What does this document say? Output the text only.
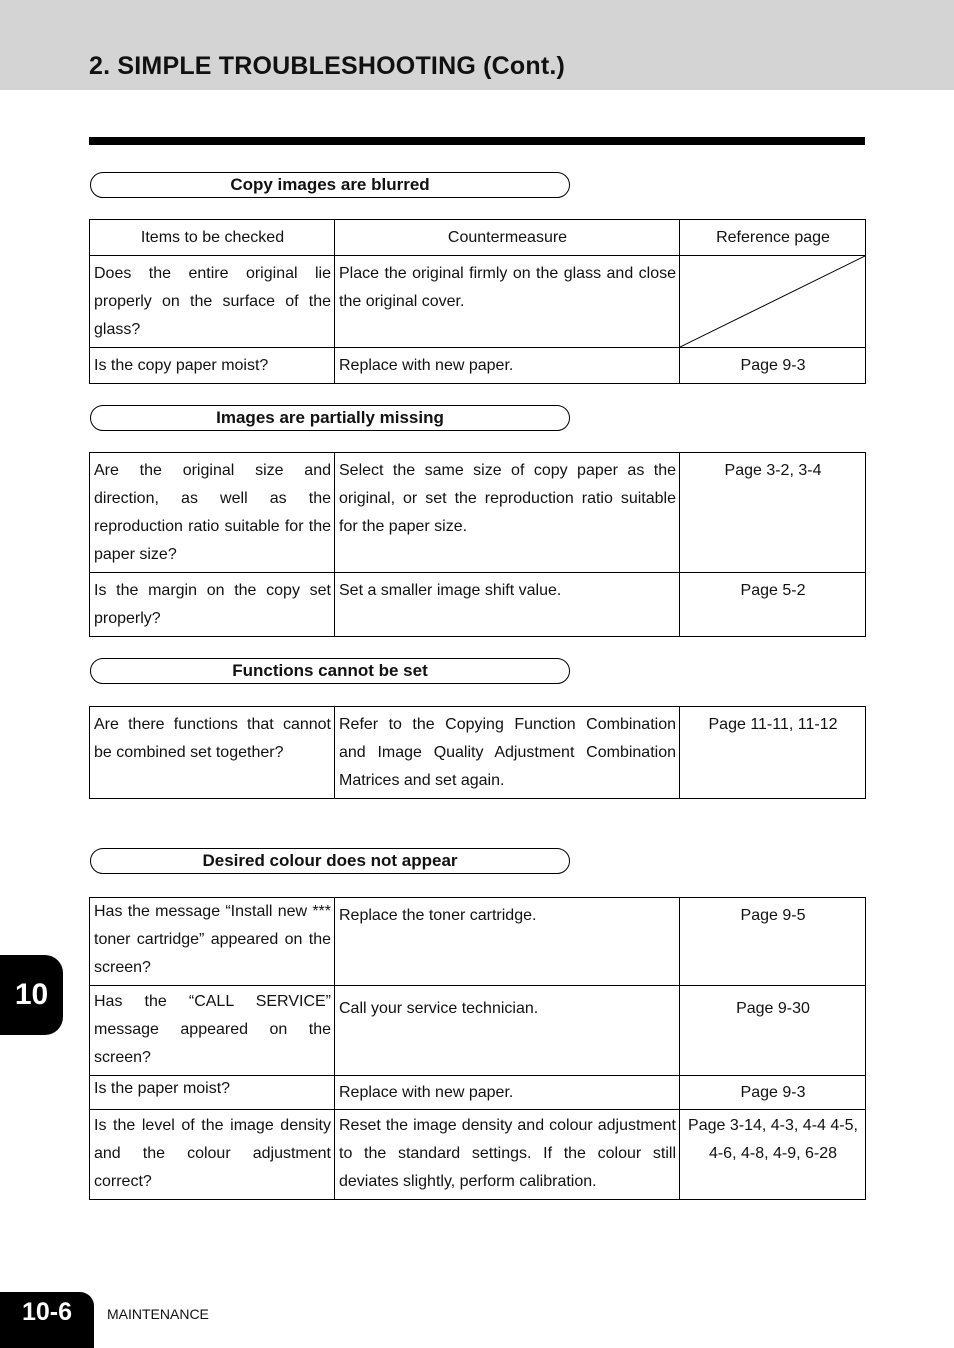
2. SIMPLE TROUBLESHOOTING (Cont.)
Copy images are blurred
Items to be checked	Countermeasure	Reference page
Does the entire original lie properly on the surface of the glass?	Place the original firmly on the glass and close the original cover.	

Is the copy paper moist?	Replace with new paper.	Page 9-3
Images are partially missing
Are the original size and direction, as well as the reproduction ratio suitable for the paper size?	Select the same size of copy paper as the original, or set the reproduction ratio suitable for the paper size.	Page 3-2, 3-4
Is the margin on the copy set properly?	Set a smaller image shift value.	Page 5-2
Functions cannot be set
Are there functions that cannot be combined set together?	Refer to the Copying Function Combination and Image Quality Adjustment Combination Matrices and set again.	Page 11-11, 11-12
Desired colour does not appear
Has the message “Install new *** toner cartridge” appeared on the screen?	Replace the toner cartridge.	Page 9-5
Has the “CALL SERVICE” message appeared on the screen?	Call your service technician.	Page 9-30
Is the paper moist?	Replace with new paper.	Page 9-3
Is the level of the image density and the colour adjustment correct?	Reset the image density and colour adjustment to the standard settings. If the colour still deviates slightly, perform calibration.	Page 3-14, 4-3, 4-4 4-5, 4-6, 4-8, 4-9, 6-28
10
10-6	MAINTENANCE
